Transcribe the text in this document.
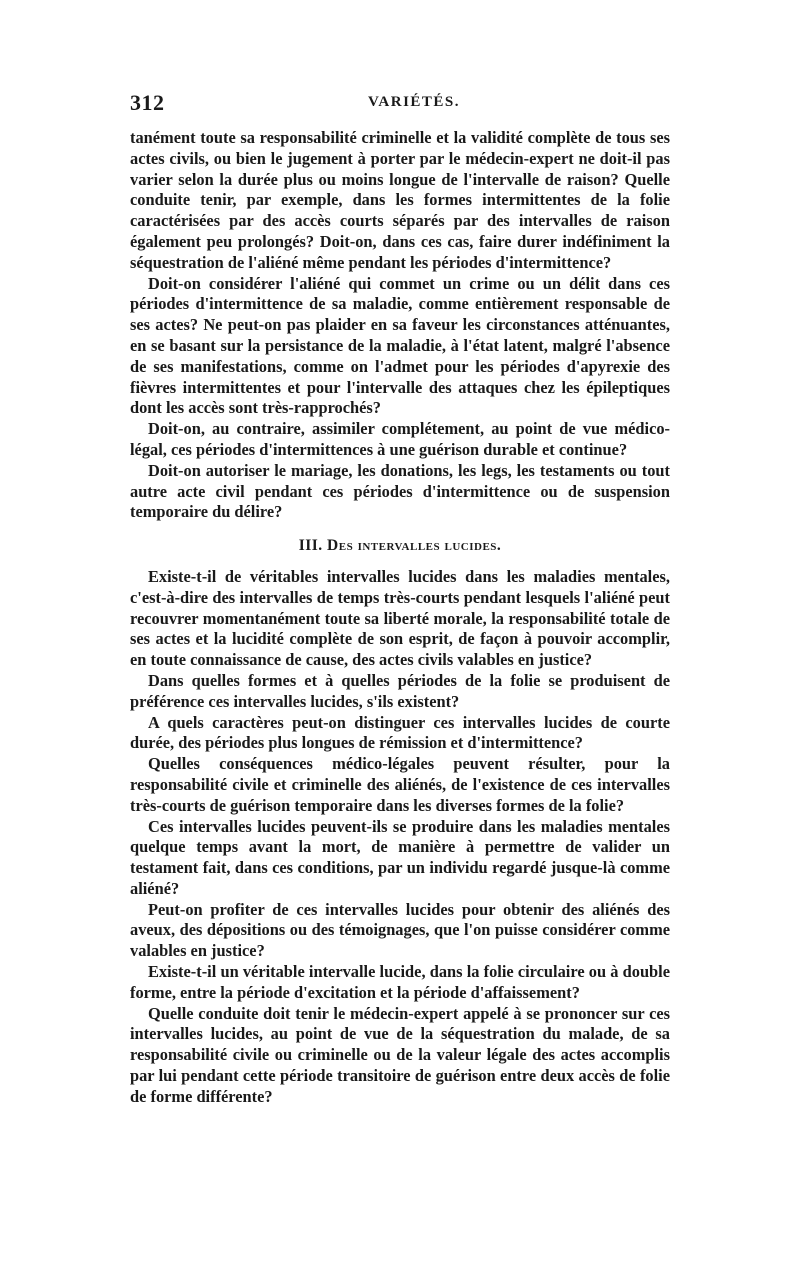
312	VARIÉTÉS.

tanément toute sa responsabilité criminelle et la validité complète de tous ses actes civils, ou bien le jugement à porter par le médecin-expert ne doit-il pas varier selon la durée plus ou moins longue de l'intervalle de raison? Quelle conduite tenir, par exemple, dans les formes intermittentes de la folie caractérisées par des accès courts séparés par des intervalles de raison également peu prolongés? Doit-on, dans ces cas, faire durer indéfiniment la séquestration de l'aliéné même pendant les périodes d'intermittence?

Doit-on considérer l'aliéné qui commet un crime ou un délit dans ces périodes d'intermittence de sa maladie, comme entièrement responsable de ses actes? Ne peut-on pas plaider en sa faveur les circonstances atténuantes, en se basant sur la persistance de la maladie, à l'état latent, malgré l'absence de ses manifestations, comme on l'admet pour les périodes d'apyrexie des fièvres intermittentes et pour l'intervalle des attaques chez les épileptiques dont les accès sont très-rapprochés?

Doit-on, au contraire, assimiler complétement, au point de vue médico-légal, ces périodes d'intermittences à une guérison durable et continue?

Doit-on autoriser le mariage, les donations, les legs, les testaments ou tout autre acte civil pendant ces périodes d'intermittence ou de suspension temporaire du délire?

III. Des intervalles lucides.

Existe-t-il de véritables intervalles lucides dans les maladies mentales, c'est-à-dire des intervalles de temps très-courts pendant lesquels l'aliéné peut recouvrer momentanément toute sa liberté morale, la responsabilité totale de ses actes et la lucidité complète de son esprit, de façon à pouvoir accomplir, en toute connaissance de cause, des actes civils valables en justice?

Dans quelles formes et à quelles périodes de la folie se produisent de préférence ces intervalles lucides, s'ils existent?

A quels caractères peut-on distinguer ces intervalles lucides de courte durée, des périodes plus longues de rémission et d'intermittence?

Quelles conséquences médico-légales peuvent résulter, pour la responsabilité civile et criminelle des aliénés, de l'existence de ces intervalles très-courts de guérison temporaire dans les diverses formes de la folie?

Ces intervalles lucides peuvent-ils se produire dans les maladies mentales quelque temps avant la mort, de manière à permettre de valider un testament fait, dans ces conditions, par un individu regardé jusque-là comme aliéné?

Peut-on profiter de ces intervalles lucides pour obtenir des aliénés des aveux, des dépositions ou des témoignages, que l'on puisse considérer comme valables en justice?

Existe-t-il un véritable intervalle lucide, dans la folie circulaire ou à double forme, entre la période d'excitation et la période d'affaissement?

Quelle conduite doit tenir le médecin-expert appelé à se prononcer sur ces intervalles lucides, au point de vue de la séquestration du malade, de sa responsabilité civile ou criminelle ou de la valeur légale des actes accomplis par lui pendant cette période transitoire de guérison entre deux accès de folie de forme différente?
